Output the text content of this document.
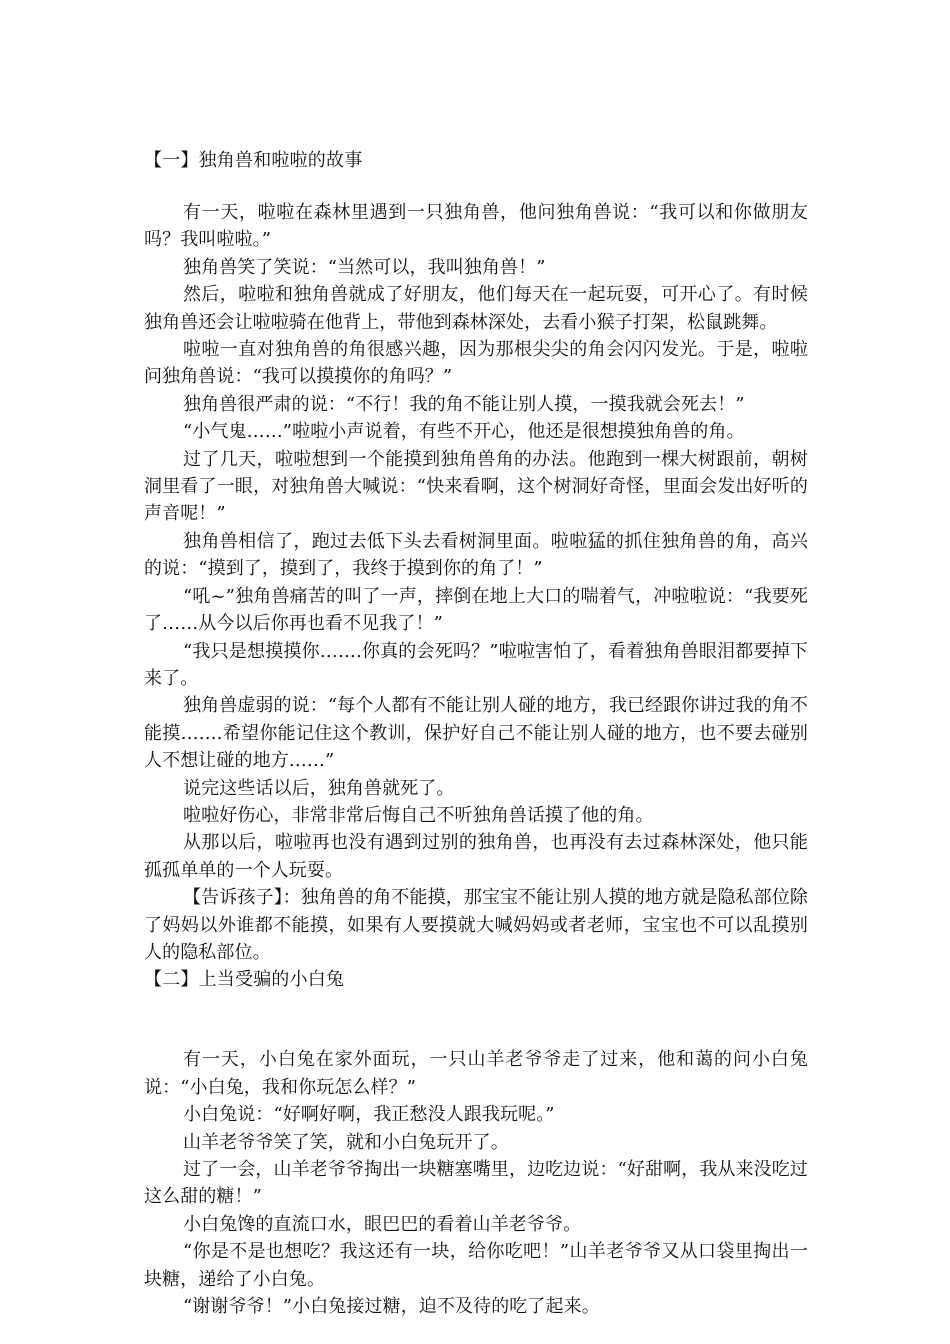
【一】独角兽和啦啦的故事

有一天，啦啦在森林里遇到一只独角兽，他问独角兽说：“我可以和你做朋友吗？我叫啦啦。”

独角兽笑了笑说：“当然可以，我叫独角兽！”

然后，啦啦和独角兽就成了好朋友，他们每天在一起玩耍，可开心了。有时候独角兽还会让啦啦骑在他背上，带他到森林深处，去看小猴子打架，松鼠跳舞。

啦啦一直对独角兽的角很感兴趣，因为那根尖尖的角会闪闪发光。于是，啦啦问独角兽说：“我可以摸摸你的角吗？”

独角兽很严肃的说：“不行！我的角不能让别人摸，一摸我就会死去！”

“小气鬼……”啦啦小声说着，有些不开心，他还是很想摸独角兽的角。

过了几天，啦啦想到一个能摸到独角兽角的办法。他跑到一棵大树跟前，朝树洞里看了一眼，对独角兽大喊说：“快来看啊，这个树洞好奇怪，里面会发出好听的声音呢！”

独角兽相信了，跑过去低下头去看树洞里面。啦啦猛的抓住独角兽的角，高兴的说：“摸到了，摸到了，我终于摸到你的角了！”

“吼~”独角兽痛苦的叫了一声，摔倒在地上大口的喘着气，冲啦啦说：“我要死了……从今以后你再也看不见我了！”

“我只是想摸摸你…….你真的会死吗？”啦啦害怕了，看着独角兽眼泪都要掉下来了。

独角兽虚弱的说：“每个人都有不能让别人碰的地方，我已经跟你讲过我的角不能摸…….希望你能记住这个教训，保护好自己不能让别人碰的地方，也不要去碰别人不想让碰的地方……”

说完这些话以后，独角兽就死了。

啦啦好伤心，非常非常后悔自己不听独角兽话摸了他的角。

从那以后，啦啦再也没有遇到过别的独角兽，也再没有去过森林深处，他只能孤孤单单的一个人玩耍。

【告诉孩子】：独角兽的角不能摸，那宝宝不能让别人摸的地方就是隐私部位除了妈妈以外谁都不能摸，如果有人要摸就大喊妈妈或者老师，宝宝也不可以乱摸别人的隐私部位。

【二】上当受骗的小白兔

有一天，小白兔在家外面玩，一只山羊老爷爷走了过来，他和蔼的问小白兔说：“小白兔，我和你玩怎么样？”

小白兔说：“好啊好啊，我正愁没人跟我玩呢。”

山羊老爷爷笑了笑，就和小白兔玩开了。

过了一会，山羊老爷爷掏出一块糖塞嘴里，边吃边说：“好甜啊，我从来没吃过这么甜的糖！”

小白兔馋的直流口水，眼巴巴的看着山羊老爷爷。

“你是不是也想吃？我这还有一块，给你吃吧！”山羊老爷爷又从口袋里掏出一块糖，递给了小白兔。

“谢谢爷爷！”小白兔接过糖，迫不及待的吃了起来。
